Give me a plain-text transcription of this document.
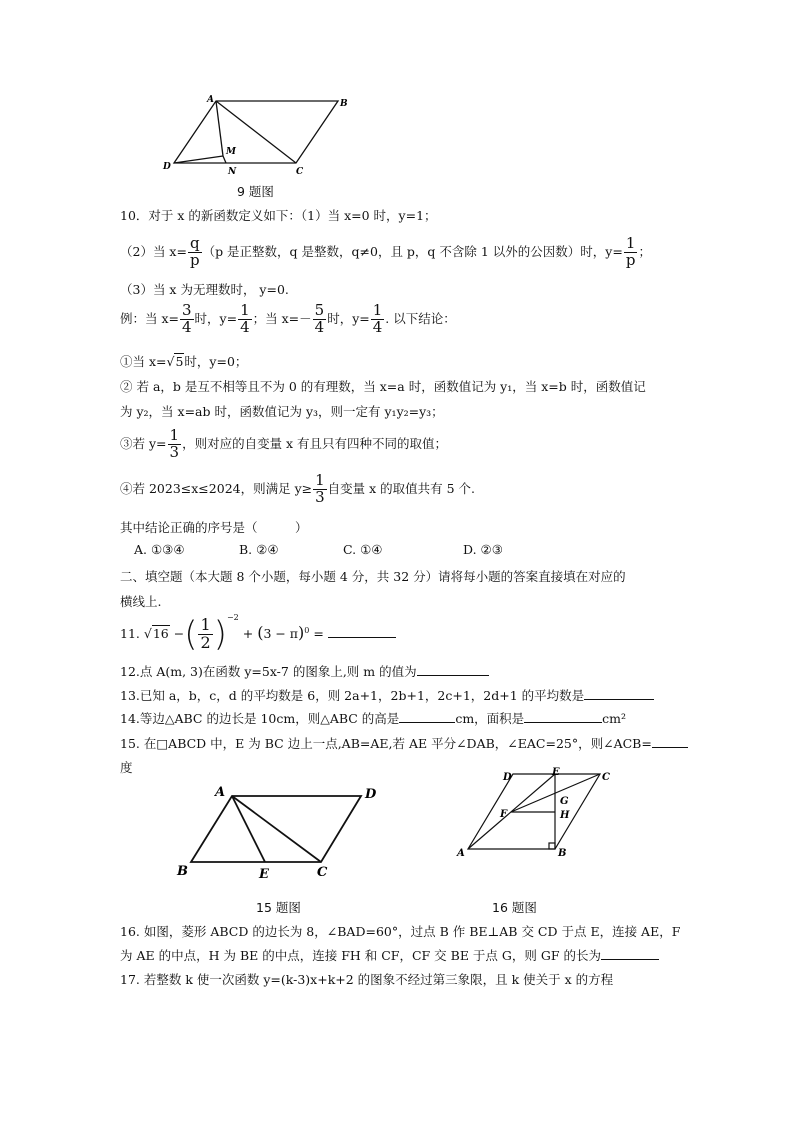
A	B
C
D
M
N
9 题图
10．对于 x 的新函数定义如下：（1）当 x=0 时，y=1；
（2）当 $x= \frac{q}{p} (p$ 是正整数，q 是整数，q≠0，且 p，q 不含除 1 以外的公因数）时，$y= \frac{1}{p}$ ；
（3）当 x 为无理数时， y=0.
例：当 $x= \frac{3}{4}$ 时，$y= \frac{1}{4}$ ；当 $x=- \frac{5}{4}$ 时，$y= \frac{1}{4}$ . 以下结论：
①当 x=√5时，y=0；
② 若 a，b 是互不相等且不为 0 的有理数，当 x=a 时，函数值记为 y₁，当 x=b 时，函数值记
为 y₂，当 x=ab 时，函数值记为 y₃，则一定有 y₁y₂=y₃；
③若 $y= \frac{1}{3}$ ，则对应的自变量 x 有且只有四种不同的取值；
④若 2023≤x≤2024，则满足 $y\ge \frac{1}{3}$ 自变量 x 的取值共有 5 个.
其中结论正确的序号是（　　　）
A. ①③④	B. ②④	C. ①④	D. ②③
二、填空题（本大题 8 个小题，每小题 4 分，共 32 分）请将每小题的答案直接填在对应的
横线上.
11. √16 −( $\frac{1}{2} )^{-2} + (3 - \pi)^0$ =
12.点 A(m, 3)在函数 y=5x-7 的图象上,则 m 的值为
13.已知 a，b，c，d 的平均数是 6，则 2a+1，2b+1，2c+1，2d+1 的平均数是
14.等边△ABC 的边长是 10cm，则△ABC 的高是	cm，面积是	cm²
15. 在□ABCD 中，E 为 BC 边上一点,AB=AE,若 AE 平分∠DAB，∠EAC=25°，则∠ACB=
度
A	D
B	E	C
15 题图
D	E	C
G
F	H
A	B
16 题图
16. 如图，菱形 ABCD 的边长为 8，∠BAD=60°，过点 B 作 BE⊥AB 交 CD 于点 E，连接 AE，F
为 AE 的中点，H 为 BE 的中点，连接 FH 和 CF，CF 交 BE 于点 G，则 GF 的长为
17. 若整数 k 使一次函数 y=(k-3)x+k+2 的图象不经过第三象限，且 k 使关于 x 的方程
